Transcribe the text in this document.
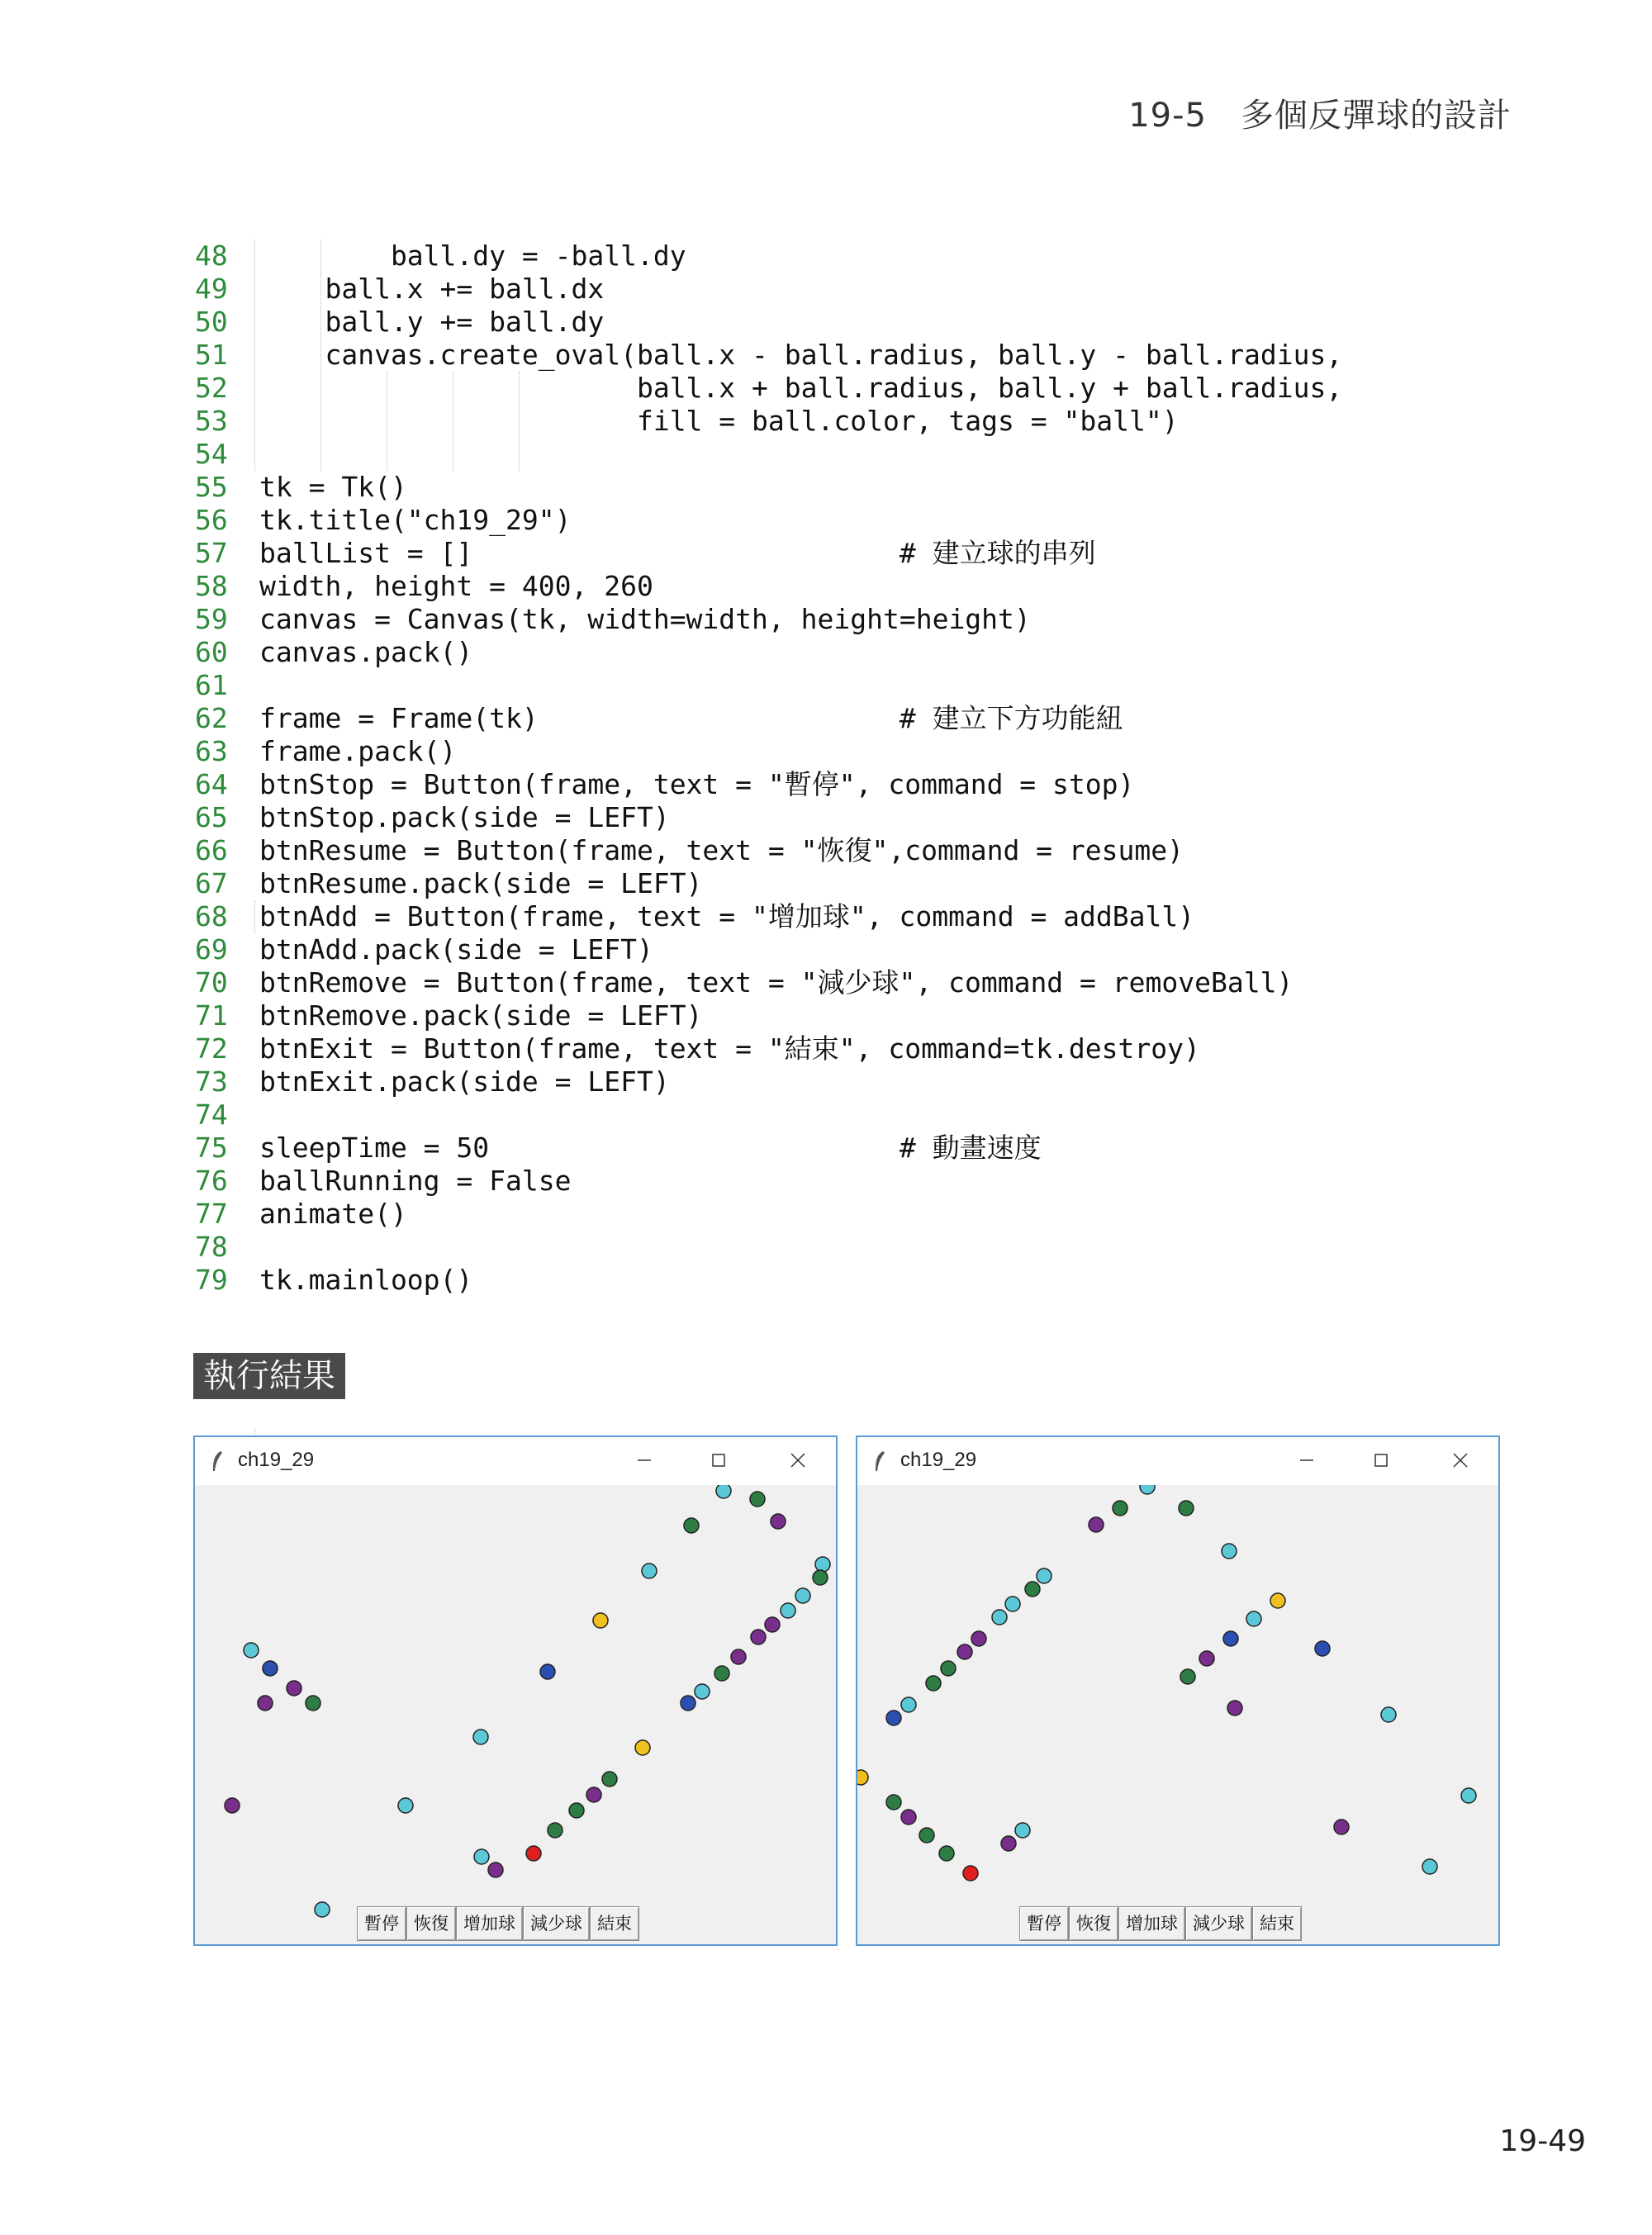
19-5　多個反彈球的設計
48	ball.dy = -ball.dy
49	ball.x += ball.dx
50	ball.y += ball.dy
51	canvas.create_oval(ball.x - ball.radius, ball.y - ball.radius,
52	ball.x + ball.radius, ball.y + ball.radius,
53	fill = ball.color, tags = "ball")
54
55	tk = Tk()
56	tk.title("ch19_29")
57	ballList = []                          # 建立球的串列
58	width, height = 400, 260
59	canvas = Canvas(tk, width=width, height=height)
60	canvas.pack()
61
62	frame = Frame(tk)                      # 建立下方功能紐
63	frame.pack()
64	btnStop = Button(frame, text = "暫停", command = stop)
65	btnStop.pack(side = LEFT)
66	btnResume = Button(frame, text = "恢復",command = resume)
67	btnResume.pack(side = LEFT)
68	btnAdd = Button(frame, text = "增加球", command = addBall)
69	btnAdd.pack(side = LEFT)
70	btnRemove = Button(frame, text = "減少球", command = removeBall)
71	btnRemove.pack(side = LEFT)
72	btnExit = Button(frame, text = "結束", command=tk.destroy)
73	btnExit.pack(side = LEFT)
74
75	sleepTime = 50                         # 動畫速度
76	ballRunning = False
77	animate()
78
79	tk.mainloop()
執行結果
ch19_29
暫停 恢復 增加球 減少球 結束
ch19_29
暫停 恢復 增加球 減少球 結束
19-49
